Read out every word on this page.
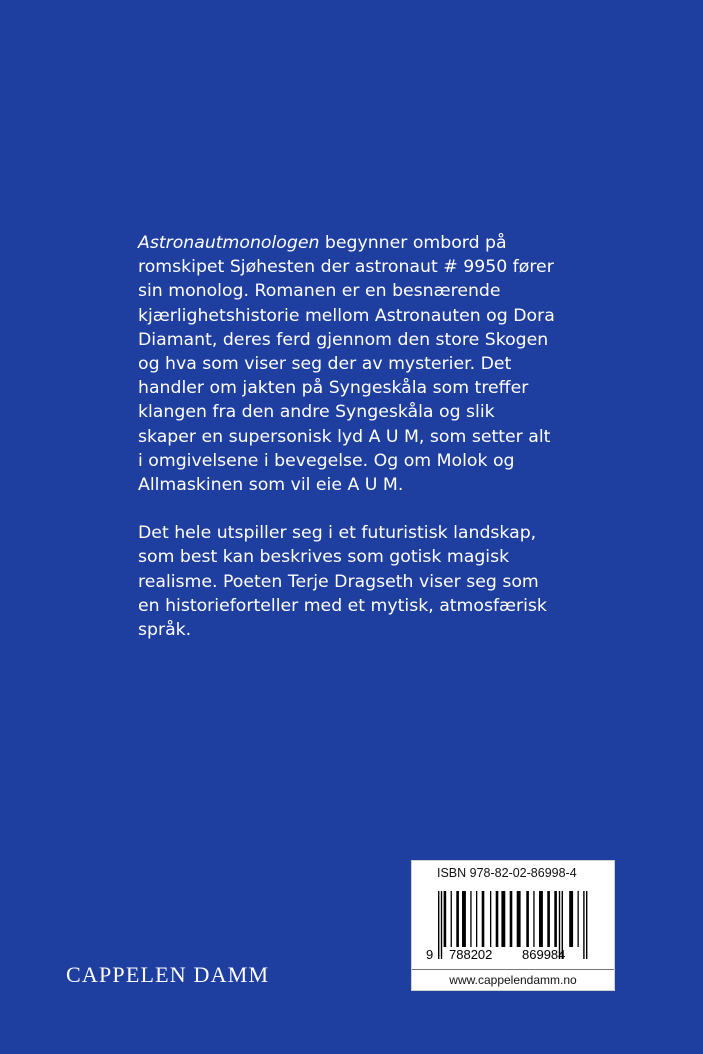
Astronautmonologen begynner ombord på romskipet Sjøhesten der astronaut # 9950 fører sin monolog. Romanen er en besnærende kjærlighetshistorie mellom Astronauten og Dora Diamant, deres ferd gjennom den store Skogen og hva som viser seg der av mysterier. Det handler om jakten på Syngeskåla som treffer klangen fra den andre Syngeskåla og slik skaper en supersonisk lyd A U M, som setter alt i omgivelsene i bevegelse. Og om Molok og Allmaskinen som vil eie A U M.

Det hele utspiller seg i et futuristisk landskap, som best kan beskrives som gotisk magisk realisme. Poeten Terje Dragseth viser seg som en historieforteller med et mytisk, atmosfærisk språk.

CAPPELEN DAMM
ISBN 978-82-02-86998-4
9 788202 869984
www.cappelendamm.no
